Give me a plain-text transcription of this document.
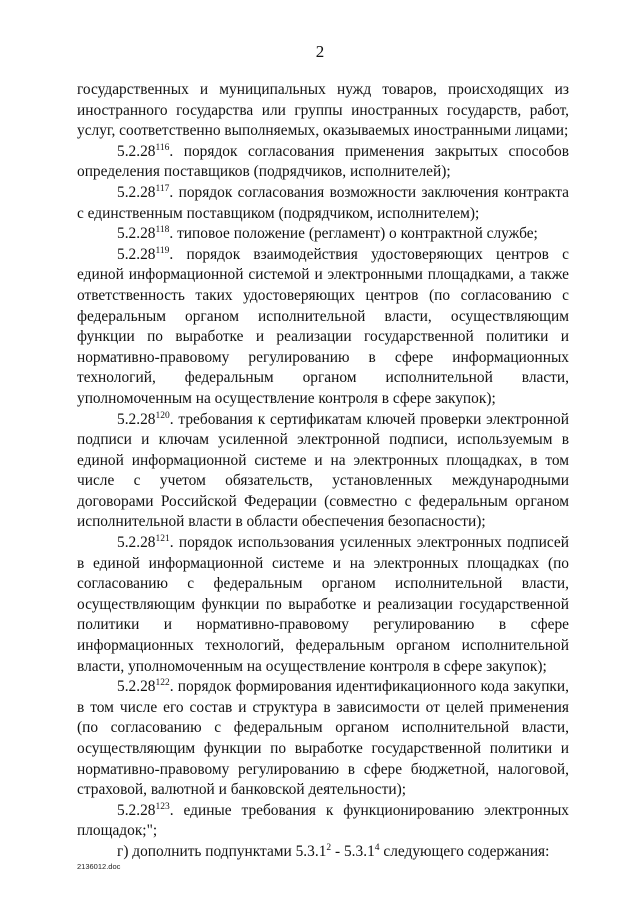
2

государственных и муниципальных нужд товаров, происходящих из иностранного государства или группы иностранных государств, работ, услуг, соответственно выполняемых, оказываемых иностранными лицами;

5.2.28$^{116}$. порядок согласования применения закрытых способов определения поставщиков (подрядчиков, исполнителей);

5.2.28$^{117}$. порядок согласования возможности заключения контракта с единственным поставщиком (подрядчиком, исполнителем);

5.2.28$^{118}$. типовое положение (регламент) о контрактной службе;

5.2.28$^{119}$. порядок взаимодействия удостоверяющих центров с единой информационной системой и электронными площадками, а также ответственность таких удостоверяющих центров (по согласованию с федеральным органом исполнительной власти, осуществляющим функции по выработке и реализации государственной политики и нормативно-правовому регулированию в сфере информационных технологий, федеральным органом исполнительной власти, уполномоченным на осуществление контроля в сфере закупок);

5.2.28$^{120}$. требования к сертификатам ключей проверки электронной подписи и ключам усиленной электронной подписи, используемым в единой информационной системе и на электронных площадках, в том числе с учетом обязательств, установленных международными договорами Российской Федерации (совместно с федеральным органом исполнительной власти в области обеспечения безопасности);

5.2.28$^{121}$. порядок использования усиленных электронных подписей в единой информационной системе и на электронных площадках (по согласованию с федеральным органом исполнительной власти, осуществляющим функции по выработке и реализации государственной политики и нормативно-правовому регулированию в сфере информационных технологий, федеральным органом исполнительной власти, уполномоченным на осуществление контроля в сфере закупок);

5.2.28$^{122}$. порядок формирования идентификационного кода закупки, в том числе его состав и структура в зависимости от целей применения (по согласованию с федеральным органом исполнительной власти, осуществляющим функции по выработке государственной политики и нормативно-правовому регулированию в сфере бюджетной, налоговой, страховой, валютной и банковской деятельности);

5.2.28$^{123}$. единые требования к функционированию электронных площадок;";

г) дополнить подпунктами 5.3.1$^2$ - 5.3.1$^4$ следующего содержания:

2136012.doc
